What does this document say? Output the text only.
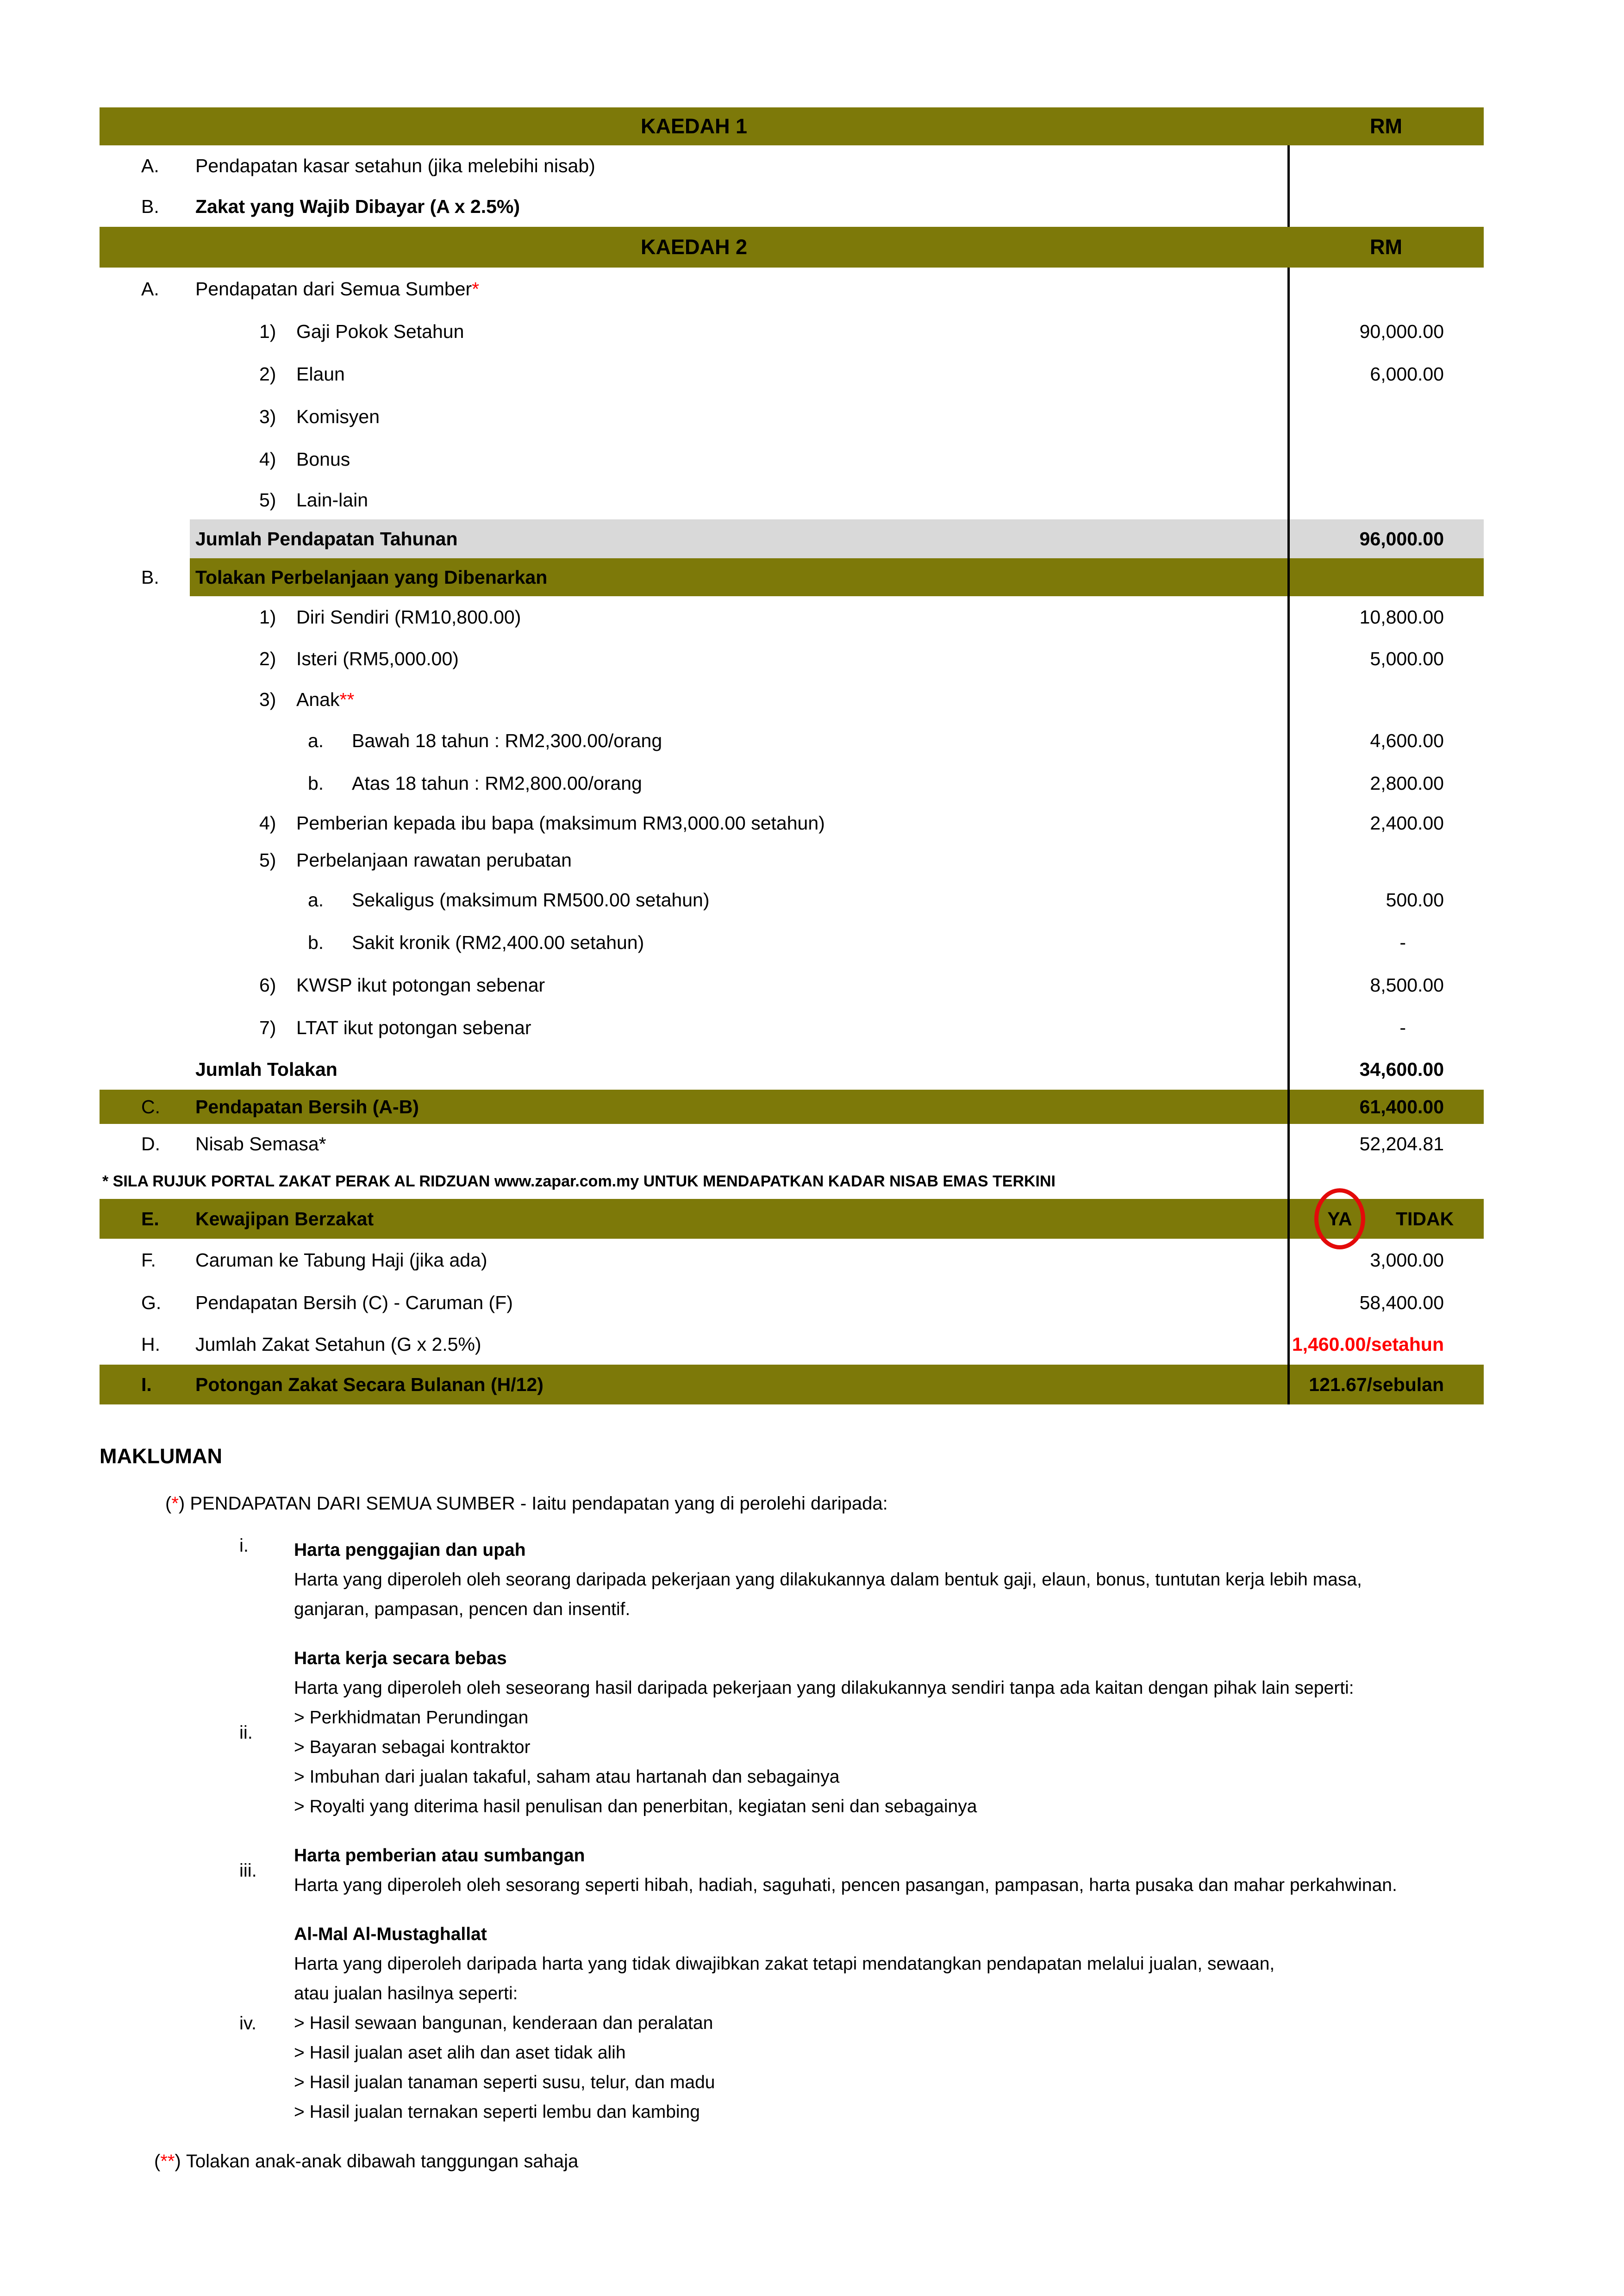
KAEDAH 1	RM
A.	Pendapatan kasar setahun (jika melebihi nisab)
B.	Zakat yang Wajib Dibayar (A x 2.5%)
KAEDAH 2	RM
A.	Pendapatan dari Semua Sumber*
1) Gaji Pokok Setahun	90,000.00
2) Elaun	6,000.00
3) Komisyen
4) Bonus
5) Lain-lain
Jumlah Pendapatan Tahunan	96,000.00
B.	Tolakan Perbelanjaan yang Dibenarkan
1) Diri Sendiri (RM10,800.00)	10,800.00
2) Isteri (RM5,000.00)	5,000.00
3) Anak**
a. Bawah 18 tahun : RM2,300.00/orang	4,600.00
b. Atas 18 tahun : RM2,800.00/orang	2,800.00
4) Pemberian kepada ibu bapa (maksimum RM3,000.00 setahun)	2,400.00
5) Perbelanjaan rawatan perubatan
a. Sekaligus (maksimum RM500.00 setahun)	500.00
b. Sakit kronik (RM2,400.00 setahun)	-
6) KWSP ikut potongan sebenar	8,500.00
7) LTAT ikut potongan sebenar	-
Jumlah Tolakan	34,600.00
C.	Pendapatan Bersih (A-B)	61,400.00
D.	Nisab Semasa*	52,204.81
* SILA RUJUK PORTAL ZAKAT PERAK AL RIDZUAN www.zapar.com.my UNTUK MENDAPATKAN KADAR NISAB EMAS TERKINI
E.	Kewajipan Berzakat	YA TIDAK
F.	Caruman ke Tabung Haji (jika ada)	3,000.00
G.	Pendapatan Bersih (C) - Caruman (F)	58,400.00
H.	Jumlah Zakat Setahun (G x 2.5%)	1,460.00/setahun
I.	Potongan Zakat Secara Bulanan (H/12)	121.67/sebulan
MAKLUMAN
(*) PENDAPATAN DARI SEMUA SUMBER - Iaitu pendapatan yang di perolehi daripada:
i.	Harta penggajian dan upah
Harta yang diperoleh oleh seorang daripada pekerjaan yang dilakukannya dalam bentuk gaji, elaun, bonus, tuntutan kerja lebih masa,
ganjaran, pampasan, pencen dan insentif.
ii.
Harta kerja secara bebas
Harta yang diperoleh oleh seseorang hasil daripada pekerjaan yang dilakukannya sendiri tanpa ada kaitan dengan pihak lain seperti:
> Perkhidmatan Perundingan
> Bayaran sebagai kontraktor
> Imbuhan dari jualan takaful, saham atau hartanah dan sebagainya
> Royalti yang diterima hasil penulisan dan penerbitan, kegiatan seni dan sebagainya
iii.
Harta pemberian atau sumbangan
Harta yang diperoleh oleh sesorang seperti hibah, hadiah, saguhati, pencen pasangan, pampasan, harta pusaka dan mahar perkahwinan.
iv.
Al-Mal Al-Mustaghallat
Harta yang diperoleh daripada harta yang tidak diwajibkan zakat tetapi mendatangkan pendapatan melalui jualan, sewaan,
atau jualan hasilnya seperti:
> Hasil sewaan bangunan, kenderaan dan peralatan
> Hasil jualan aset alih dan aset tidak alih
> Hasil jualan tanaman seperti susu, telur, dan madu
> Hasil jualan ternakan seperti lembu dan kambing
(**) Tolakan anak-anak dibawah tanggungan sahaja
